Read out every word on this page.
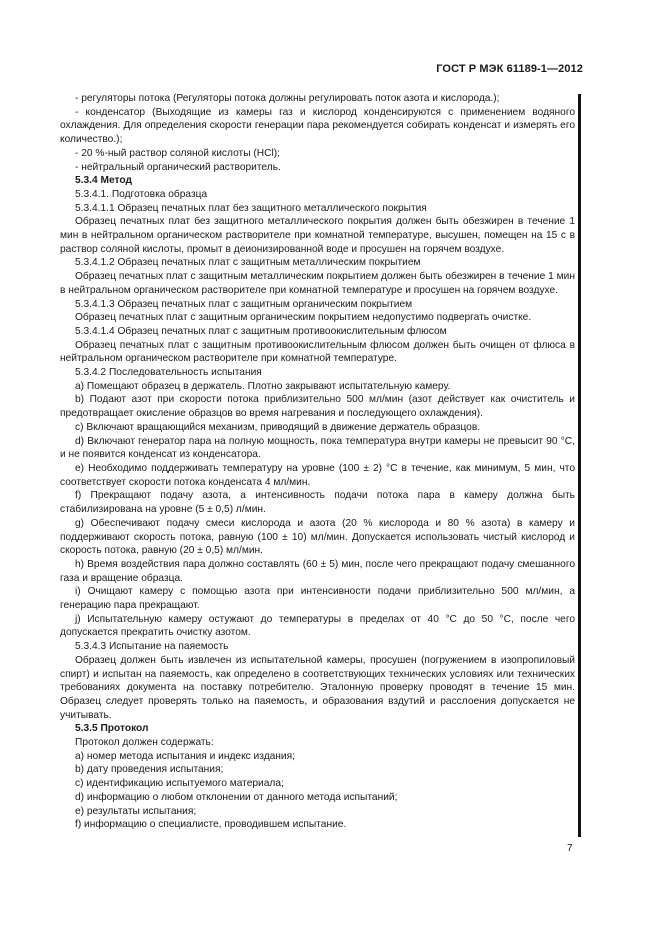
ГОСТ Р МЭК 61189-1—2012

- регуляторы потока (Регуляторы потока должны регулировать поток азота и кислорода.);

- конденсатор (Выходящие из камеры газ и кислород конденсируются с применением водяного охлаждения. Для определения скорости генерации пара рекомендуется собирать конденсат и измерять его количество.);

- 20 %-ный раствор соляной кислоты (HCl);

- нейтральный органический растворитель.

5.3.4 Метод

5.3.4.1. Подготовка образца

5.3.4.1.1 Образец печатных плат без защитного металлического покрытия

Образец печатных плат без защитного металлического покрытия должен быть обезжирен в течение 1 мин в нейтральном органическом растворителе при комнатной температуре, высушен, помещен на 15 с в раствор соляной кислоты, промыт в деионизированной воде и просушен на горячем воздухе.

5.3.4.1.2 Образец печатных плат с защитным металлическим покрытием

Образец печатных плат с защитным металлическим покрытием должен быть обезжирен в течение 1 мин в нейтральном органическом растворителе при комнатной температуре и просушен на горячем воздухе.

5.3.4.1.3 Образец печатных плат с защитным органическим покрытием

Образец печатных плат с защитным органическим покрытием недопустимо подвергать очистке.

5.3.4.1.4 Образец печатных плат с защитным противоокислительным флюсом

Образец печатных плат с защитным противоокислительным флюсом должен быть очищен от флюса в нейтральном органическом растворителе при комнатной температуре.

5.3.4.2 Последовательность испытания

a) Помещают образец в держатель. Плотно закрывают испытательную камеру.

b) Подают азот при скорости потока приблизительно 500 мл/мин (азот действует как очиститель и предотвращает окисление образцов во время нагревания и последующего охлаждения).

c) Включают вращающийся механизм, приводящий в движение держатель образцов.

d) Включают генератор пара на полную мощность, пока температура внутри камеры не превысит 90 °С, и не появится конденсат из конденсатора.

e) Необходимо поддерживать температуру на уровне (100 ± 2) °С в течение, как минимум, 5 мин, что соответствует скорости потока конденсата 4 мл/мин.

f) Прекращают подачу азота, а интенсивность подачи потока пара в камеру должна быть стабилизирована на уровне (5 ± 0,5) л/мин.

g) Обеспечивают подачу смеси кислорода и азота (20 % кислорода и 80 % азота) в камеру и поддерживают скорость потока, равную (100 ± 10) мл/мин. Допускается использовать чистый кислород и скорость потока, равную (20 ± 0,5) мл/мин.

h) Время воздействия пара должно составлять (60 ± 5) мин, после чего прекращают подачу смешанного газа и вращение образца.

i) Очищают камеру с помощью азота при интенсивности подачи приблизительно 500 мл/мин, а генерацию пара прекращают.

j) Испытательную камеру остужают до температуры в пределах от 40 °С до 50 °С, после чего допускается прекратить очистку азотом.

5.3.4.3 Испытание на паяемость

Образец должен быть извлечен из испытательной камеры, просушен (погружением в изопропиловый спирт) и испытан на паяемость, как определено в соответствующих технических условиях или технических требованиях документа на поставку потребителю. Эталонную проверку проводят в течение 15 мин. Образец следует проверять только на паяемость, и образования вздутий и расслоения допускается не учитывать.

5.3.5 Протокол

Протокол должен содержать:

a) номер метода испытания и индекс издания;

b) дату проведения испытания;

c) идентификацию испытуемого материала;

d) информацию о любом отклонении от данного метода испытаний;

e) результаты испытания;

f) информацию о специалисте, проводившем испытание.

7
